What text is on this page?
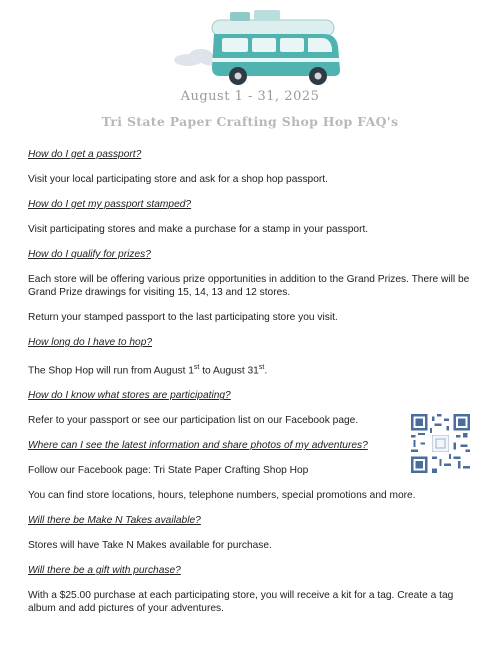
August 1 - 31, 2025
Tri State Paper Crafting Shop Hop FAQ's

How do I get a passport?

Visit your local participating store and ask for a shop hop passport.

How do I get my passport stamped?

Visit participating stores and make a purchase for a stamp in your passport.

How do I qualify for prizes?

Each store will be offering various prize opportunities in addition to the Grand Prizes. There will be Grand Prize drawings for visiting 15, 14, 13 and 12 stores.

Return your stamped passport to the last participating store you visit.

How long do I have to hop?

The Shop Hop will run from August 1st to August 31st.

How do I know what stores are participating?

Refer to your passport or see our participation list on our Facebook page.

Where can I see the latest information and share photos of my adventures?

Follow our Facebook page: Tri State Paper Crafting Shop Hop

You can find store locations, hours, telephone numbers, special promotions and more.

Will there be Make N Takes available?

Stores will have Take N Makes available for purchase.

Will there be a gift with purchase?

With a $25.00 purchase at each participating store, you will receive a kit for a tag. Create a tag album and add pictures of your adventures.
